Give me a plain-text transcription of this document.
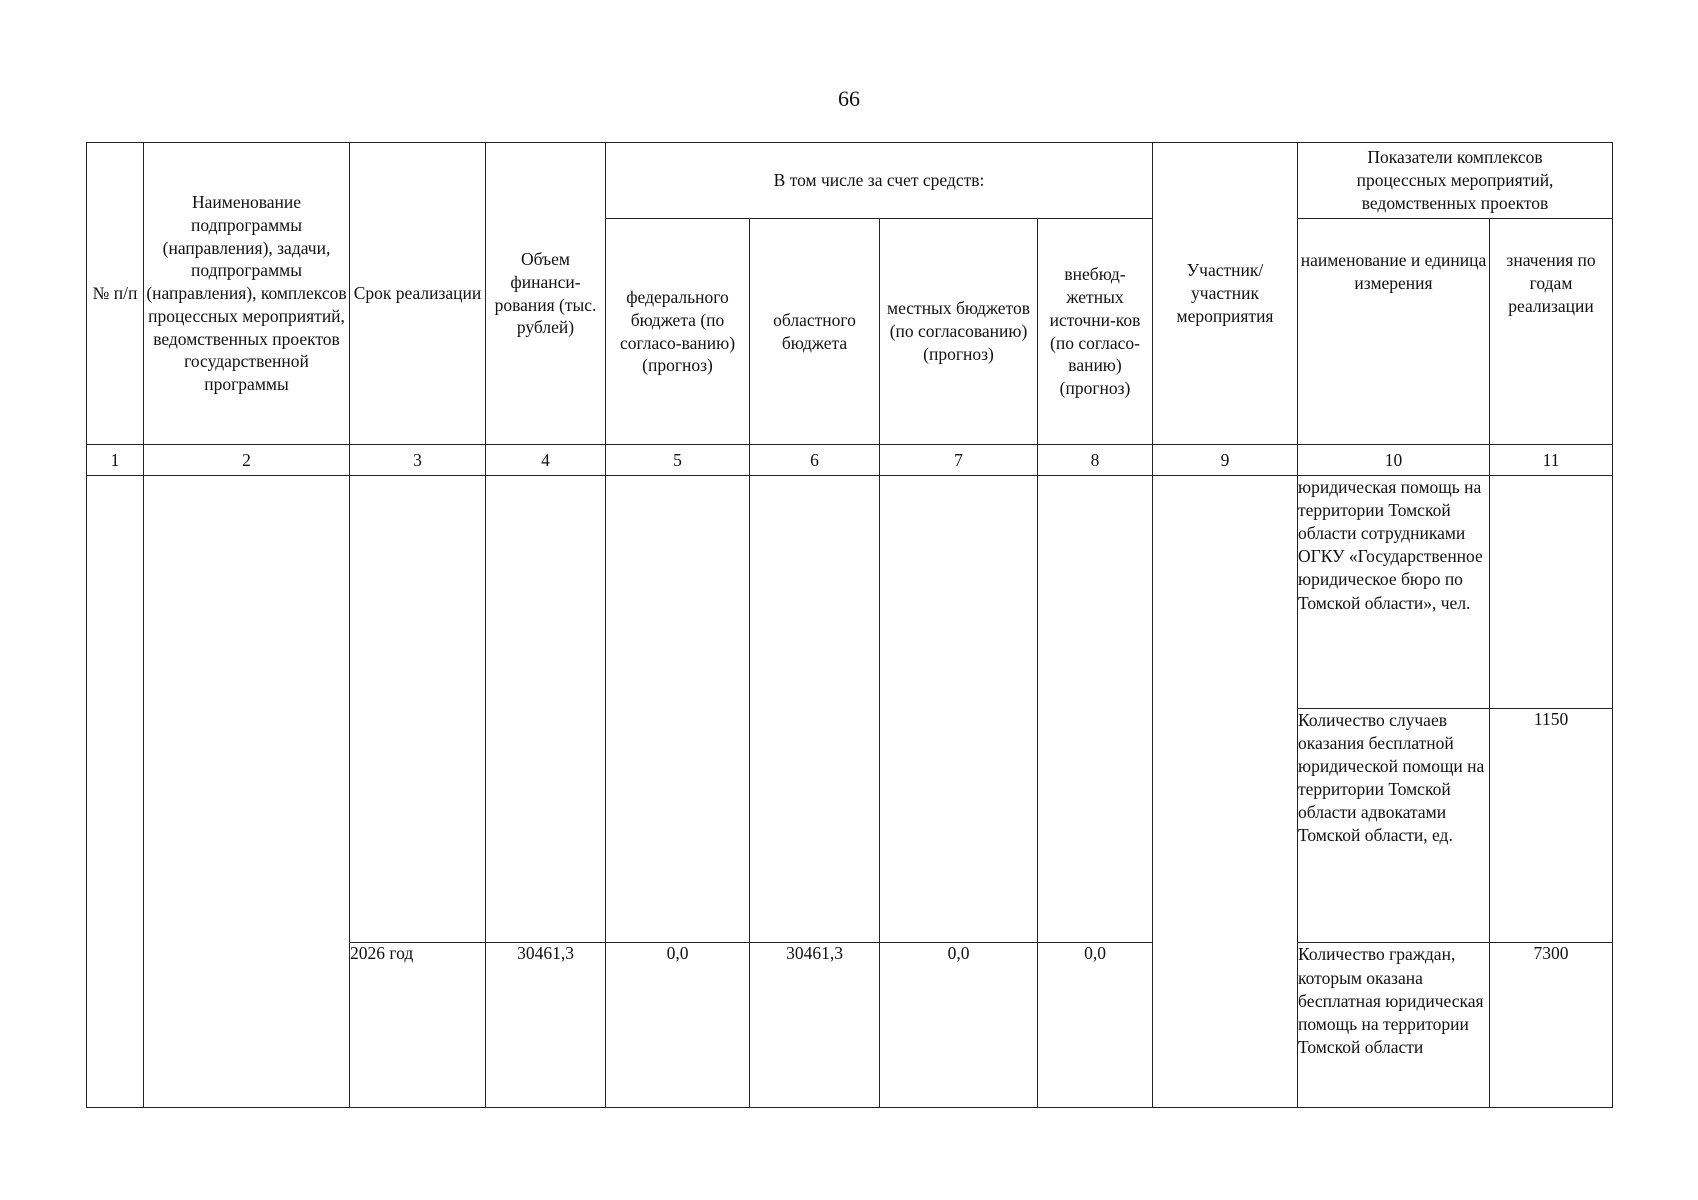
66
№ п/п	Наименование подпрограммы (направления), задачи, подпрограммы (направления), комплексов процессных мероприятий, ведомственных проектов государственной программы	Срок реализации	Объем финанси-рования (тыс. рублей)	В том числе за счет средств:				Участник/ участник мероприятия	Показатели комплексов процессных мероприятий, ведомственных проектов	
				федерального бюджета (по согласо-ванию) (прогноз)	областного бюджета	местных бюджетов (по согласованию) (прогноз)	внебюд-жетных источни-ков (по согласо-ванию) (прогноз)		наименование и единица измерения	значения по годам реализации
1	2	3	4	5	6	7	8	9	10	11
									юридическая помощь на территории Томской области сотрудниками ОГКУ «Государственное юридическое бюро по Томской области», чел.	
									Количество случаев оказания бесплатной юридической помощи на территории Томской области адвокатами Томской области, ед.	1150
		2026 год	30461,3	0,0	30461,3	0,0	0,0		Количество граждан, которым оказана бесплатная юридическая помощь на территории Томской области	7300
